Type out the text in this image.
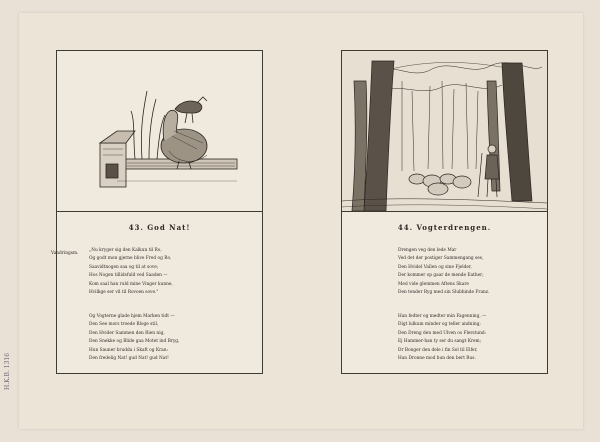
43. God Nat!
Vandringsm.
„Nu kryger sig den Kalkun til Ro,
Og godt mon gjerne blive Fred og Ro,
Saavidtnogen saa og til at sove;
Hos Nogen tillidsfuld ved Saaden —
Kom saal han ruld mine Vinger kunne,
Hvilkge ser vil til Rovoen sove."
Og Vogterne glade hjem Marken tidt —
Den See mors troede Bloge stil,
Den Hvider Sammen den Rien nig,
Den Snekke og Blide gaa Motet ind Bryg,
Hun Sauner brudda i Skaft og Kran:
Den fredelig Nat! gud Nat! gud Nat!
44. Vogterdrengen.
Drengen veg den lede Mar
Ved det der postiger Sammengang ses,
Den Hvidel Vallen og sine Fjelder,
Der kommer op gaar de mende Eather;
Med vide glemmen Aftens Skare
Den tender Byg med sin Slubhinde Franz.
Han fedter og medter min Fagenning, —
Digt lulkum minder og teller andning;
Den Dreng den med Ulven os Flerstund:
Ej Hammer-han ty ser du sangt Krem;
Dr Bonger den dele i fin Sol til Elfer,
Han Dronne mod hun den bert Rus.
H.K.B. 1316
